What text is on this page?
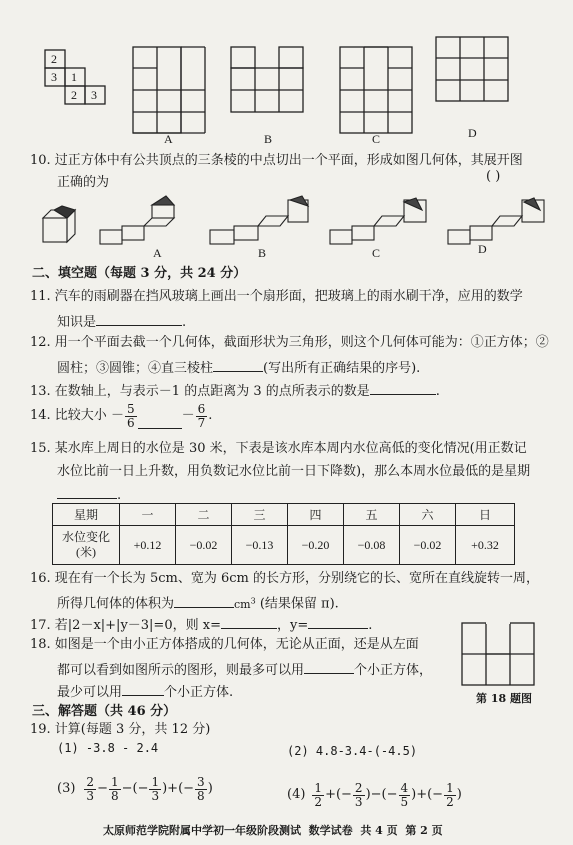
2
3 1
2 3
A	B	C	D
10. 过正方体中有公共顶点的三条棱的中点切出一个平面，形成如图几何体，其展开图
正确的为	( )
A	B	C	D
二、填空题（每题 3 分，共 24 分）
11. 汽车的雨刷器在挡风玻璃上画出一个扇形面，把玻璃上的雨水刷干净，应用的数学
知识是	.
12. 用一个平面去截一个几何体，截面形状为三角形，则这个几何体可能为：①正方体；②
圆柱；③圆锥；④直三棱柱	(写出所有正确结果的序号).
13. 在数轴上，与表示－1 的点距离为 3 的点所表示的数是	.
14. 比较大小 － $\frac{5}{6}$	－ $\frac{6}{7}$ .
15. 某水库上周日的水位是 30 米，下表是该水库本周内水位高低的变化情况(用正数记
水位比前一日上升数，用负数记水位比前一日下降数)，那么本周水位最低的是星期
.
星期	一	二	三	四	五	六	日
水位变化
(米)	+0.12	−0.02	−0.13	−0.20	−0.08	−0.02	+0.32
16. 现在有一个长为 5cm、宽为 6cm 的长方形，分别绕它的长、宽所在直线旋转一周，
所得几何体的体积为	$cm^3$ (结果保留 π).
17. 若|2－x|+|y－3|=0，则 x=	，y=	.
18. 如图是一个由小正方体搭成的几何体，无论从正面，还是从左面
都可以看到如图所示的图形，则最多可以用	个小正方体，
最少可以用	个小正方体.	第 18 题图
三、解答题（共 46 分）
19. 计算(每题 3 分，共 12 分)
(1) -3.8 - 2.4	(2) 4.8-3.4-(-4.5)
$(3) \frac{2}{3} - \frac{1}{8}$ −(− $\frac{1}{3}$ )+(− $\frac{3}{8}$ )	$(4) \frac{1}{2}$ +(− $\frac{2}{3}$ )−(− $\frac{4}{5}$ )+(− $\frac{1}{2}$ )
太原师范学院附属中学初一年级阶段测试 数学试卷 共 4 页 第 2 页
